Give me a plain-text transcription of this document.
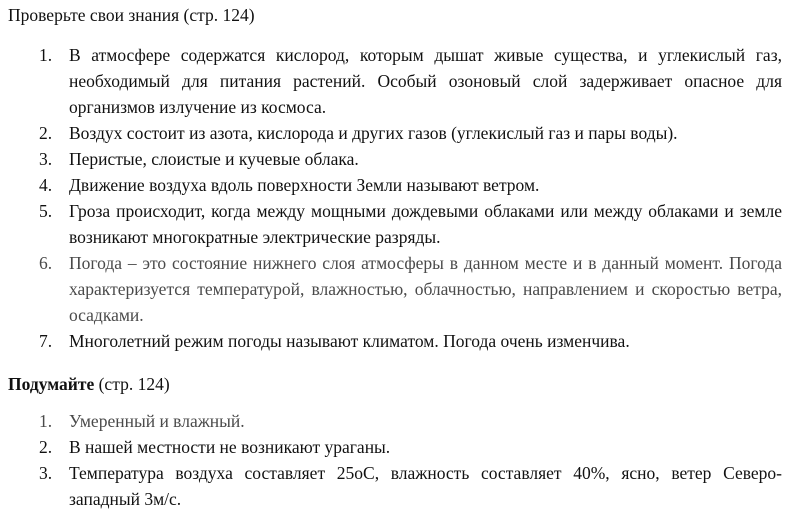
Проверьте свои знания (стр. 124)
1. В атмосфере содержатся кислород, которым дышат живые существа, и углекислый газ, необходимый для питания растений. Особый озоновый слой задерживает опасное для организмов излучение из космоса.
2. Воздух состоит из азота, кислорода и других газов (углекислый газ и пары воды).
3. Перистые, слоистые и кучевые облака.
4. Движение воздуха вдоль поверхности Земли называют ветром.
5. Гроза происходит, когда между мощными дождевыми облаками или между облаками и земле возникают многократные электрические разряды.
6. Погода – это состояние нижнего слоя атмосферы в данном месте и в данный момент. Погода характеризуется температурой, влажностью, облачностью, направлением и скоростью ветра, осадками.
7. Многолетний режим погоды называют климатом. Погода очень изменчива.
Подумайте (стр. 124)
1. Умеренный и влажный.
2. В нашей местности не возникают ураганы.
3. Температура воздуха составляет 25оС, влажность составляет 40%, ясно, ветер Северо-западный 3м/с.
